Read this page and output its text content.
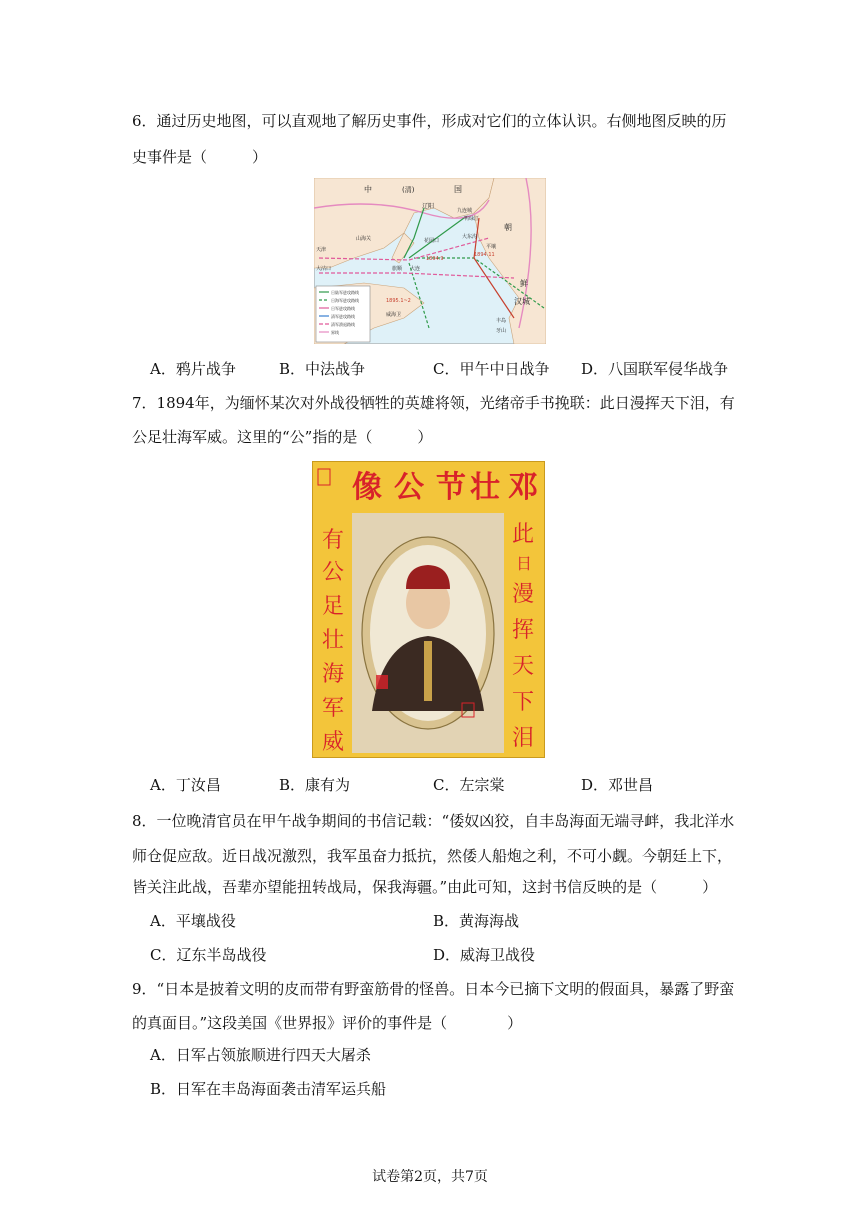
6．通过历史地图，可以直观地了解历史事件，形成对它们的立体认识。右侧地图反映的历
史事件是（　　　）
中	(清)	国
朝
鲜
辽阳
九连城
鸭绿江
大东沟
平壤
山海关	花园口
天津
大沽口	旅顺 大连
威海卫
汉城
牙山
丰岛
1894.9
1894.11
1895.1~2
日陆军进攻路线
日海军进攻路线
日军进攻路线
清军进攻路线
清军溃退路线
界线
A．鸦片战争	B．中法战争	C．甲午中日战争 D．八国联军侵华战争
7．1894年，为缅怀某次对外战役牺牲的英雄将领，光绪帝手书挽联：此日漫挥天下泪，有
公足壮海军威。这里的“公”指的是（　　　）
像 公 节 壮 邓
此
日
漫
挥
天
下
泪
有
公
足
壮
海
军
威
A．丁汝昌	B．康有为	C．左宗棠	D．邓世昌
8．一位晚清官员在甲午战争期间的书信记载：“倭奴凶狡，自丰岛海面无端寻衅，我北洋水
师仓促应敌。近日战况激烈，我军虽奋力抵抗，然倭人船炮之利，不可小觑。今朝廷上下，
皆关注此战，吾辈亦望能扭转战局，保我海疆。”由此可知，这封书信反映的是（　　　）
A．平壤战役	B．黄海海战
C．辽东半岛战役	D．威海卫战役
9．“日本是披着文明的皮而带有野蛮筋骨的怪兽。日本今已摘下文明的假面具，暴露了野蛮
的真面目。”这段美国《世界报》评价的事件是（　　　　）
A．日军占领旅顺进行四天大屠杀
B．日军在丰岛海面袭击清军运兵船
试卷第2页，共7页
